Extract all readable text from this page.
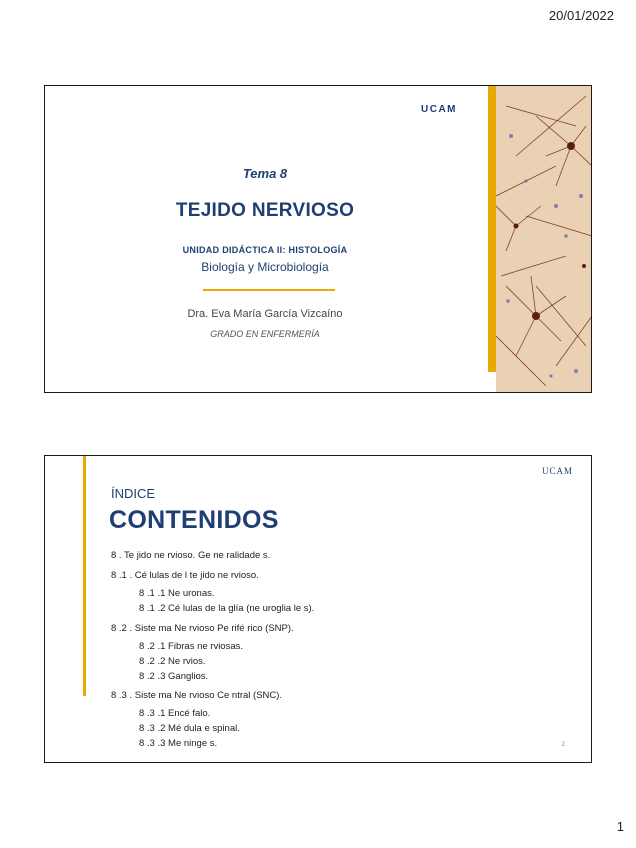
20/01/2022
UCAM
Tema 8
TEJIDO NERVIOSO
UNIDAD DIDÁCTICA II: HISTOLOGÍA
Biología y Microbiología
Dra. Eva María García Vizcaíno
GRADO EN ENFERMERÍA
UCAM
ÍNDICE
CONTENIDOS
8 . Te jido ne rvioso. Ge ne ralidade s.
8 .1 . Cé lulas de l te jido ne rvioso.
8 .1 .1 Ne uronas.
8 .1 .2 Cé lulas de la glía (ne uroglia le s).
8 .2 . Siste ma Ne rvioso Pe rifé rico (SNP).
8 .2 .1 Fibras ne rviosas.
8 .2 .2 Ne rvios.
8 .2 .3 Ganglios.
8 .3 . Siste ma Ne rvioso Ce ntral (SNC).
8 .3 .1 Encé falo.
8 .3 .2 Mé dula e spinal.
8 .3 .3 Me ninge s.	2
1
